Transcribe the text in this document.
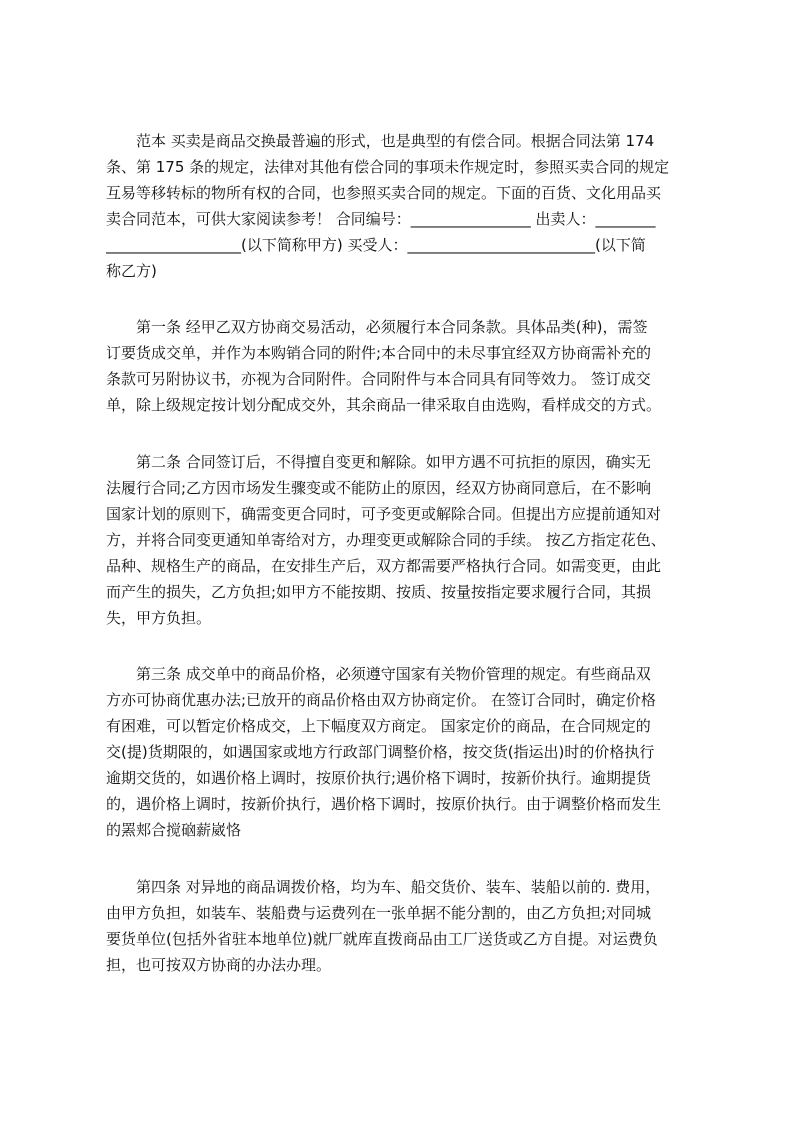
　　范本 买卖是商品交换最普遍的形式，也是典型的有偿合同。根据合同法第 174
条、第 175 条的规定，法律对其他有偿合同的事项未作规定时，参照买卖合同的规定
互易等移转标的物所有权的合同，也参照买卖合同的规定。下面的百货、文化用品买
卖合同范本，可供大家阅读参考！ 合同编号：________________ 出卖人：________
__________________(以下简称甲方) 买受人：_________________________(以下简
称乙方)
　　第一条 经甲乙双方协商交易活动，必须履行本合同条款。具体品类(种)，需签
订要货成交单，并作为本购销合同的附件;本合同中的未尽事宜经双方协商需补充的
条款可另附协议书，亦视为合同附件。合同附件与本合同具有同等效力。 签订成交
单，除上级规定按计划分配成交外，其余商品一律采取自由选购，看样成交的方式。
　　第二条 合同签订后，不得擅自变更和解除。如甲方遇不可抗拒的原因，确实无
法履行合同;乙方因市场发生骤变或不能防止的原因，经双方协商同意后，在不影响
国家计划的原则下，确需变更合同时，可予变更或解除合同。但提出方应提前通知对
方，并将合同变更通知单寄给对方，办理变更或解除合同的手续。 按乙方指定花色、
品种、规格生产的商品，在安排生产后，双方都需要严格执行合同。如需变更，由此
而产生的损失，乙方负担;如甲方不能按期、按质、按量按指定要求履行合同，其损
失，甲方负担。
　　第三条 成交单中的商品价格，必须遵守国家有关物价管理的规定。有些商品双
方亦可协商优惠办法;已放开的商品价格由双方协商定价。 在签订合同时，确定价格
有困难，可以暂定价格成交，上下幅度双方商定。 国家定价的商品，在合同规定的
交(提)货期限的，如遇国家或地方行政部门调整价格，按交货(指运出)时的价格执行
逾期交货的，如遇价格上调时，按原价执行;遇价格下调时，按新价执行。逾期提货
的，遇价格上调时，按新价执行，遇价格下调时，按原价执行。由于调整价格而发生
的罴郏合搅硇薪崴恪
　　第四条 对异地的商品调拨价格，均为车、船交货价、装车、装船以前的. 费用，
由甲方负担，如装车、装船费与运费列在一张单据不能分割的，由乙方负担;对同城
要货单位(包括外省驻本地单位)就厂就库直拨商品由工厂送货或乙方自提。对运费负
担，也可按双方协商的办法办理。
